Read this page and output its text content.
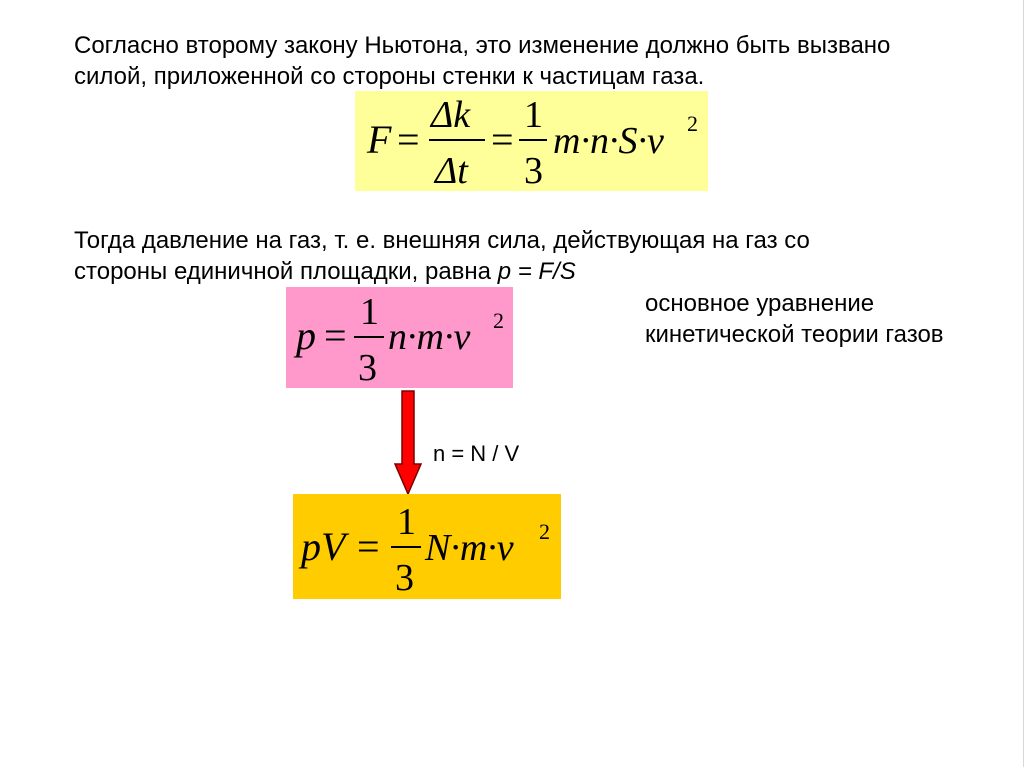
Согласно второму закону Ньютона, это изменение должно быть вызвано
силой, приложенной со стороны стенки к частицам газа.
F =
Δk
Δt
=
1
3
m·n·S·v 2
Тогда давление на газ, т. е. внешняя сила, действующая на газ со
стороны единичной площадки, равна p = F/S
p =
1
3
n·m·v 2
основное уравнение
кинетической теории газов
n = N / V
pV =
1
3
N·m·v 2
